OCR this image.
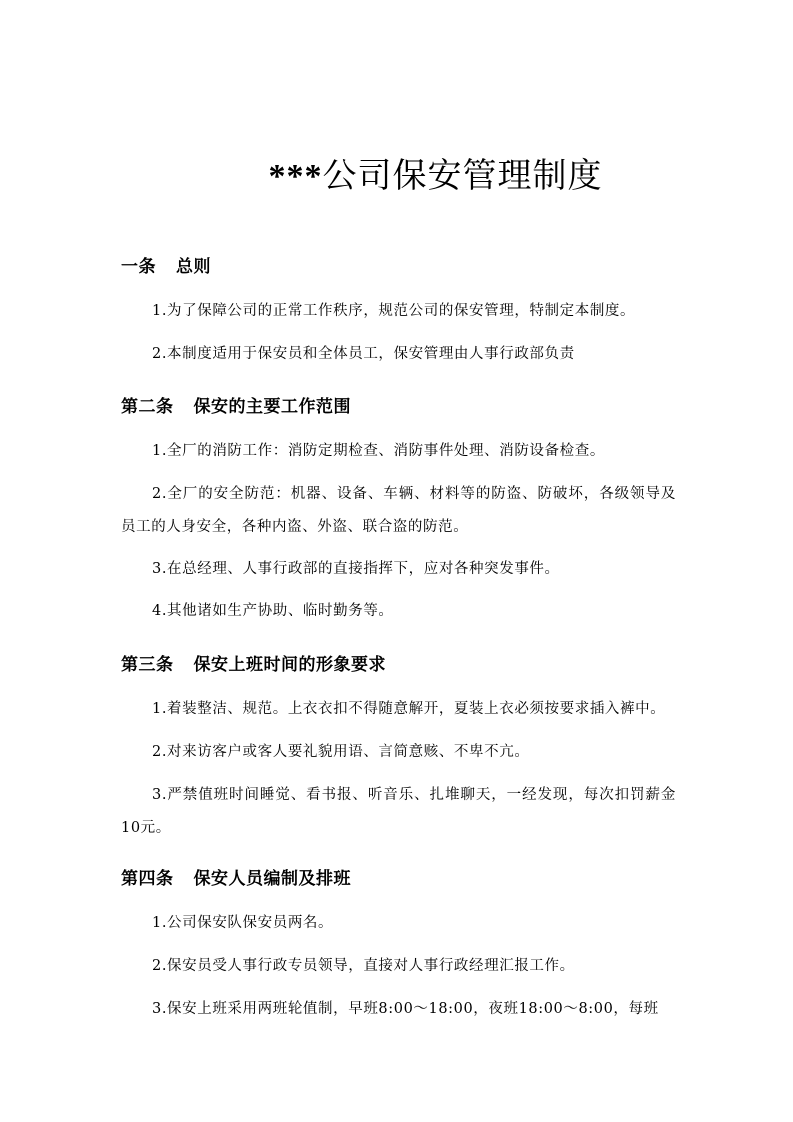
***公司保安管理制度
一条 总则
1.为了保障公司的正常工作秩序，规范公司的保安管理，特制定本制度。
2.本制度适用于保安员和全体员工，保安管理由人事行政部负责
第二条 保安的主要工作范围
1.全厂的消防工作：消防定期检查、消防事件处理、消防设备检查。
2.全厂的安全防范：机器、设备、车辆、材料等的防盗、防破坏，各级领导及员工的人身安全，各种内盗、外盗、联合盗的防范。
3.在总经理、人事行政部的直接指挥下，应对各种突发事件。
4.其他诸如生产协助、临时勤务等。
第三条 保安上班时间的形象要求
1.着装整洁、规范。上衣衣扣不得随意解开，夏装上衣必须按要求插入裤中。
2.对来访客户或客人要礼貌用语、言简意赅、不卑不亢。
3.严禁值班时间睡觉、看书报、听音乐、扎堆聊天，一经发现，每次扣罚薪金10元。
第四条 保安人员编制及排班
1.公司保安队保安员两名。
2.保安员受人事行政专员领导，直接对人事行政经理汇报工作。
3.保安上班采用两班轮值制，早班8:00～18:00，夜班18:00～8:00，每班
